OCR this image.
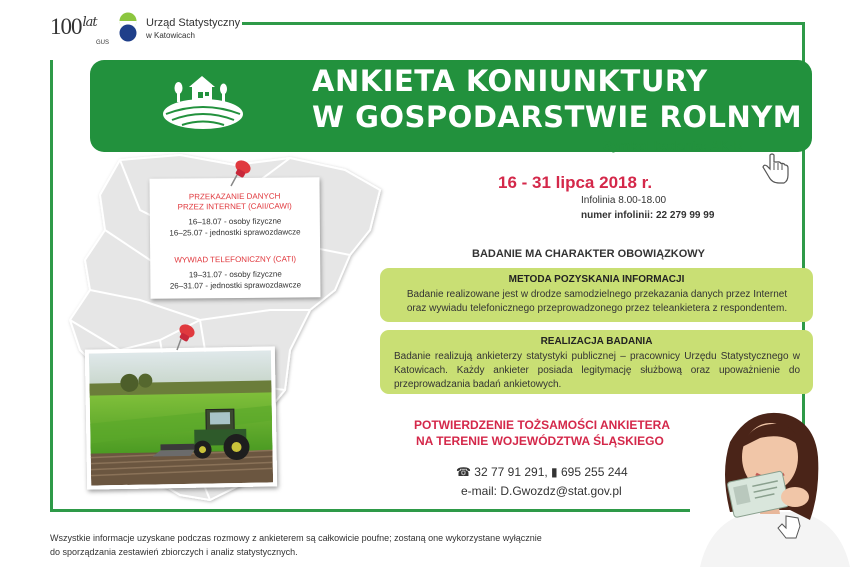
$100^{lat}$
GUS
Urząd Statystyczny
w Katowicach
ANKIETA KONIUNKTURY
W GOSPODARSTWIE ROLNYM
Symbol badania: AK-R
PRZEKAZANIE DANYCH
PRZEZ INTERNET (CAII/CAWI)
16–18.07 - osoby fizyczne
16–25.07 - jednostki sprawozdawcze
WYWIAD TELEFONICZNY (CATI)
19–31.07 - osoby fizyczne
26–31.07 - jednostki sprawozdawcze
16 - 31 lipca 2018 r.
Infolinia 8.00-18.00
numer infolinii: 22 279 99 99
BADANIE MA CHARAKTER OBOWIĄZKOWY
METODA POZYSKANIA INFORMACJI
Badanie realizowane jest w drodze samodzielnego przekazania danych przez Internet
oraz wywiadu telefonicznego przeprowadzonego przez teleankietera z respondentem.
REALIZACJA BADANIA
Badanie realizują ankieterzy statystyki publicznej – pracownicy Urzędu Statystycznego w Katowicach. Każdy ankieter posiada legitymację służbową oraz upoważnienie do przeprowadzania badań ankietowych.
POTWIERDZENIE TOŻSAMOŚCI ANKIETERA
NA TERENIE WOJEWÓDZTWA ŚLĄSKIEGO
☎ 32 77 91 291, ▮ 695 255 244
e-mail: D.Gwozdz@stat.gov.pl
Wszystkie informacje uzyskane podczas rozmowy z ankieterem są całkowicie poufne; zostaną one wykorzystane wyłącznie
do sporządzania zestawień zbiorczych i analiz statystycznych.
